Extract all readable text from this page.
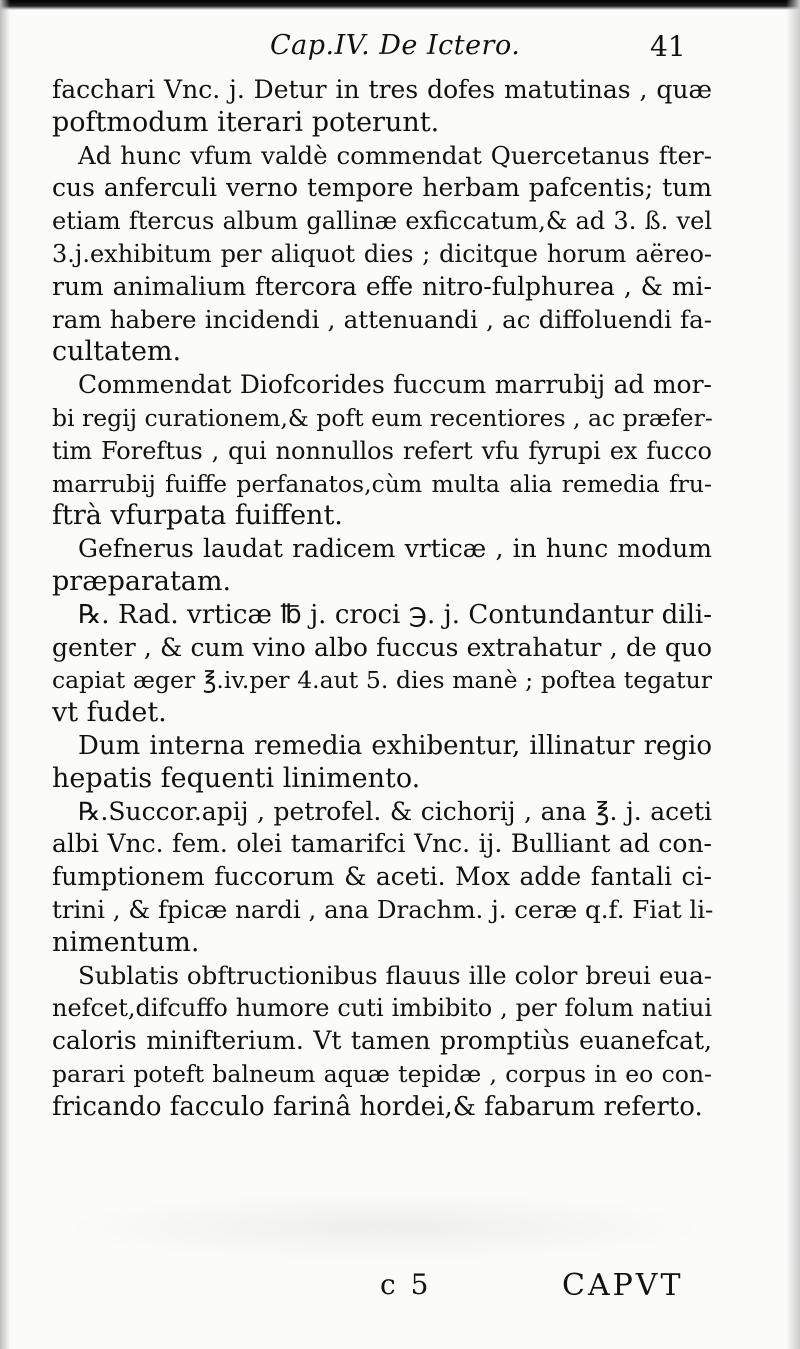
Cap.IV. De Ictero.	41

facchari Vnc. j. Detur in tres dofes matutinas , quæ

poftmodum iterari poterunt.

Ad hunc vfum valdè commendat Quercetanus fter-

cus anferculi verno tempore herbam pafcentis; tum

etiam ftercus album gallinæ exficcatum,& ad 3. ß. vel

3.j.exhibitum per aliquot dies ; dicitque horum aëreo-

rum animalium ftercora effe nitro-fulphurea , & mi-

ram habere incidendi , attenuandi , ac diffoluendi fa-

cultatem.

Commendat Diofcorides fuccum marrubij ad mor-

bi regij curationem,& poft eum recentiores , ac præfer-

tim Foreftus , qui nonnullos refert vfu fyrupi ex fucco

marrubij fuiffe perfanatos,cùm multa alia remedia fru-

ftrà vfurpata fuiffent.

Gefnerus laudat radicem vrticæ , in hunc modum

præparatam.

℞. Rad. vrticæ ℔ j. croci ℈. j. Contundantur dili-

genter , & cum vino albo fuccus extrahatur , de quo

capiat æger ℥.iv.per 4.aut 5. dies manè ; poftea tegatur

vt fudet.

Dum interna remedia exhibentur, illinatur regio

hepatis fequenti linimento.

℞.Succor.apij , petrofel. & cichorij , ana ℥. j. aceti

albi Vnc. fem. olei tamarifci Vnc. ij. Bulliant ad con-

fumptionem fuccorum & aceti. Mox adde fantali ci-

trini , & fpicæ nardi , ana Drachm. j. ceræ q.f. Fiat li-

nimentum.

Sublatis obftructionibus flauus ille color breui eua-

nefcet,difcuffo humore cuti imbibito , per folum natiui

caloris minifterium. Vt tamen promptiùs euanefcat,

parari poteft balneum aquæ tepidæ , corpus in eo con-

fricando facculo farinâ hordei,& fabarum referto.

c 5	CAPVT
